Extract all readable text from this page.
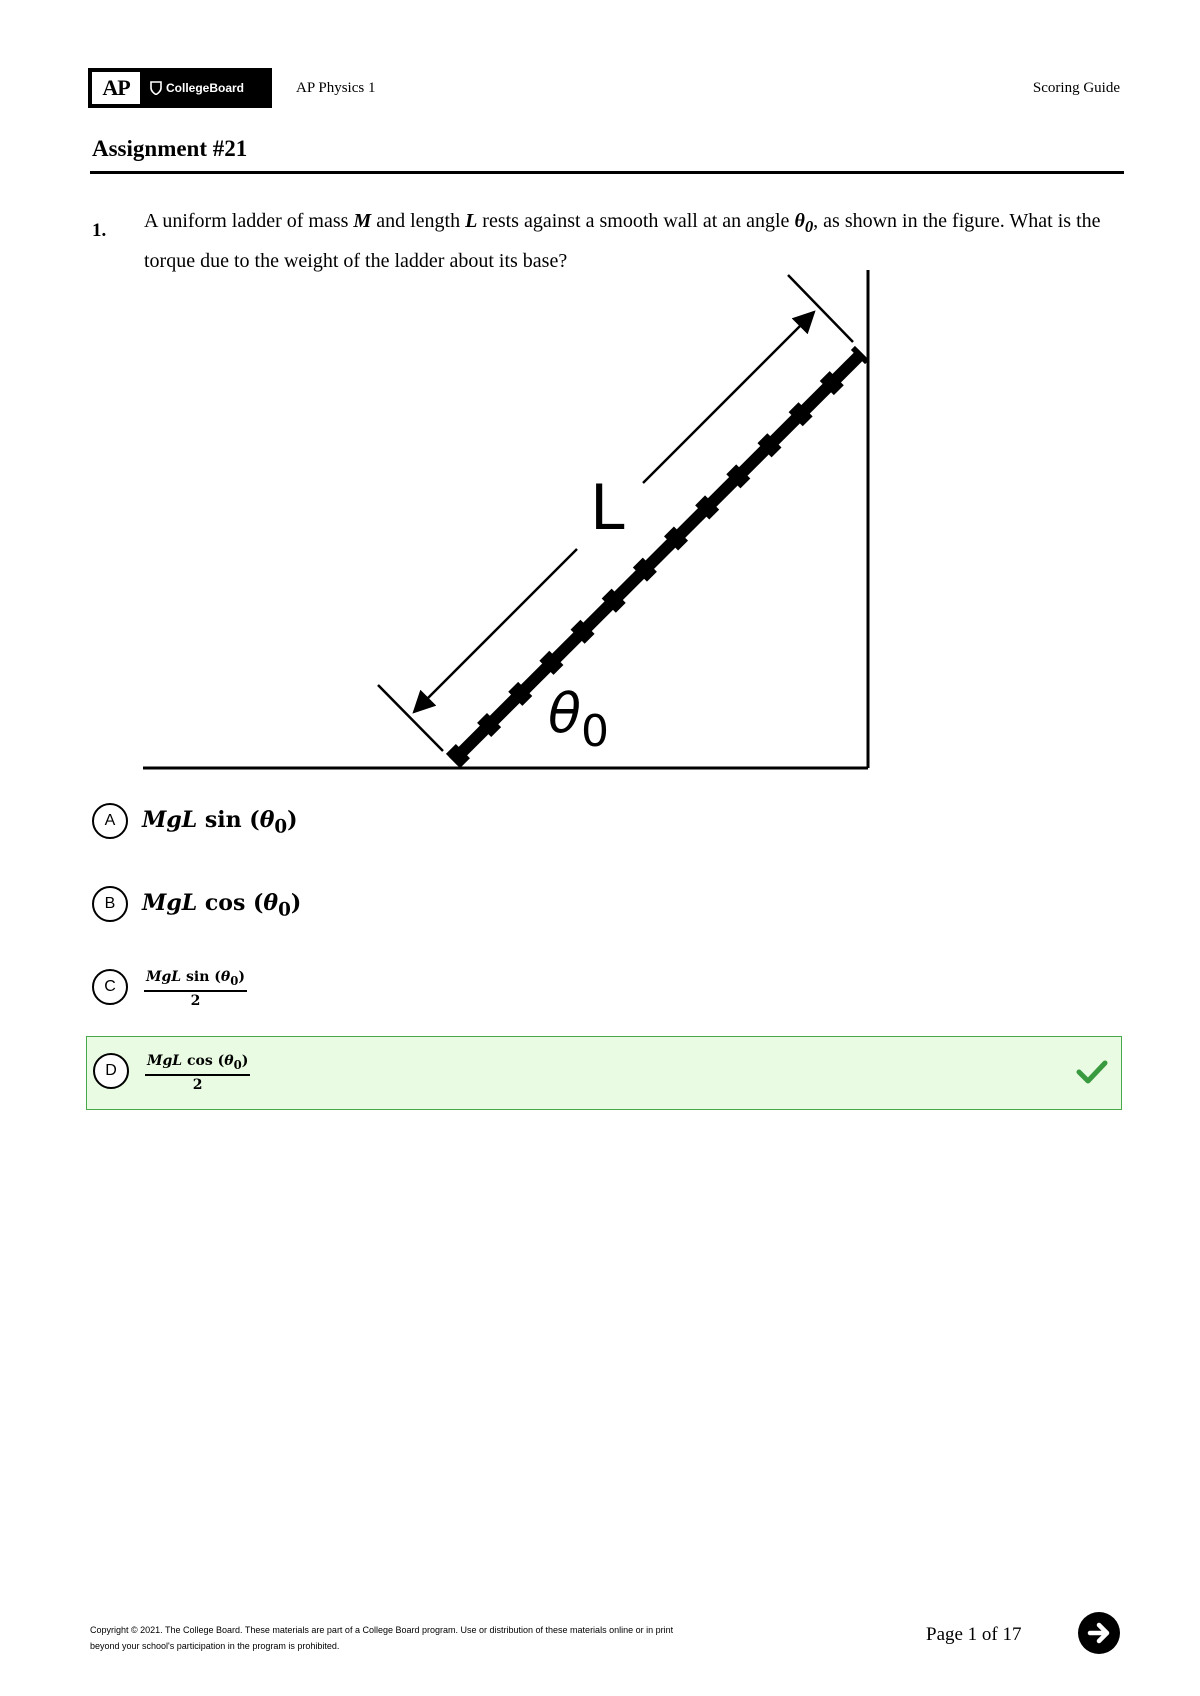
AP	CollegeBoard	AP Physics 1	Scoring Guide
Assignment #21
1. A uniform ladder of mass M and length L rests against a smooth wall at an angle $\theta_0$, as shown in the figure. What is the torque due to the weight of the ladder about its base?
L
$\theta_0$
A	MgL $\sin (\theta_0)$
B	MgL $\cos (\theta_0)$
C
MgL $\sin (\theta_0)$
2
D
MgL $\cos (\theta_0)$
2
Copyright © 2021. The College Board. These materials are part of a College Board program. Use or distribution of these materials online or in print
beyond your school's participation in the program is prohibited.
Page 1 of 17
